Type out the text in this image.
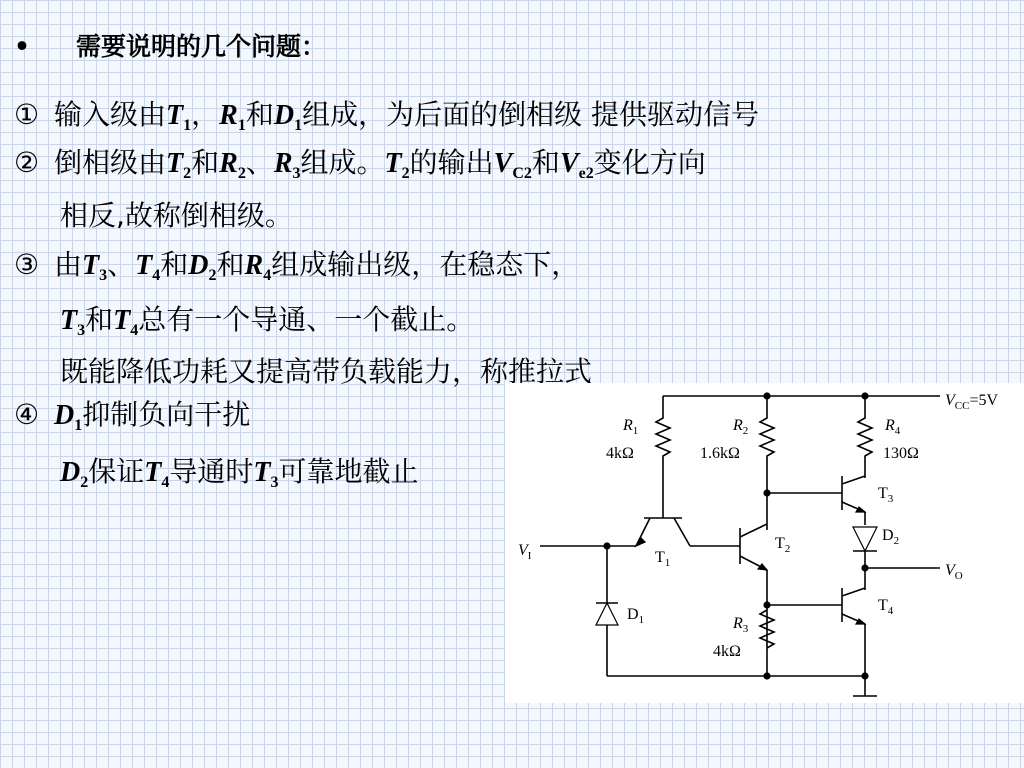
• 需要说明的几个问题：
① 输入级由$T_1$，$R_1$和$D_1$组成，为后面的倒相级 提供驱动信号
② 倒相级由$T_2$和$R_2$、$R_3$组成。$T_2$的输出$V_{C2}$和$V_{e2}$变化方向
相反,故称倒相级。
③ 由$T_3$、$T_4$和$D_2$和$R_4$组成输出级，在稳态下，
$T_3$和$T_4$总有一个导通、一个截止。
既能降低功耗又提高带负载能力，称推拉式
④ $D_1$抑制负向干扰
$D_2$保证$T_4$导通时$T_3$可靠地截止
$V_{CC}=5V$
$R_1$
4kΩ
$R_2$
1.6kΩ
$R_4$
130Ω
$T_1$
$T_2$
$T_3$
$T_4$
$D_1$
$D_2$
$V_I$
$V_O$
$R_3$
4kΩ
